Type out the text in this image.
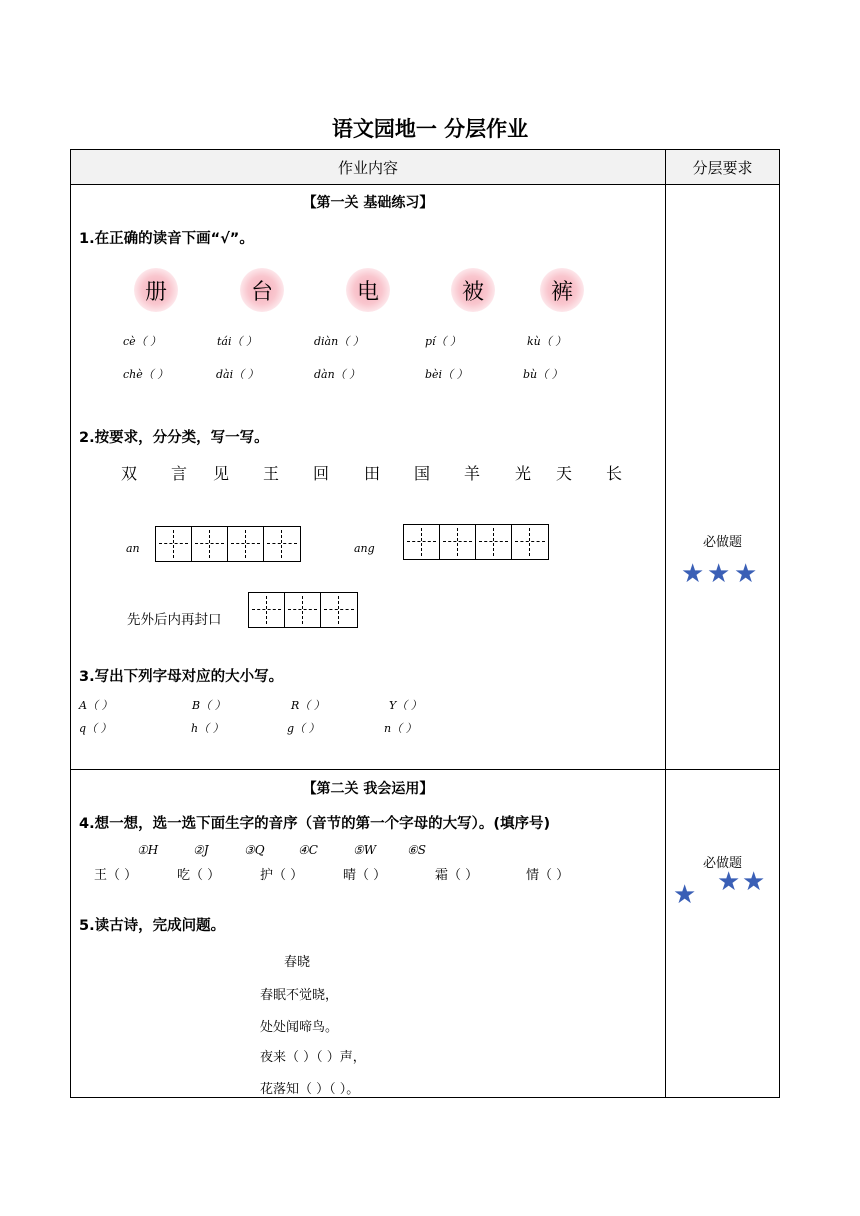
语文园地一 分层作业
作业内容	分层要求
【第一关 基础练习】
1.在正确的读音下画“√”。
册	台	电	被	裤
cè（ ）	tái（ ）	diàn（ ）	pí（ ）	kù（ ）
chè（ ）	dài（ ）	dàn（ ）	bèi（ ）	bù（ ）
2.按要求，分分类，写一写。
双 言 见 王 回 田 国 羊 光 天 长
an	ang
先外后内再封口
3.写出下列字母对应的大小写。
A（ ）	B（ ）	R（ ）	Y（ ）
q（ ）	h（ ）	g（ ）	n（ ）
必做题
★ ★ ★
【第二关 我会运用】
4.想一想，选一选下面生字的音序（音节的第一个字母的大写）。(填序号)
①H	②J	③Q	④C	⑤W	⑥S
王（ ）	吃（ ）	护（ ）	晴（ ）	霜（ ）	情（ ）
5.读古诗，完成问题。
春晓
春眠不觉晓，
处处闻啼鸟。
夜来（ ）（ ）声，
花落知（ ）（ ）。
必做题
★ ★ ★
